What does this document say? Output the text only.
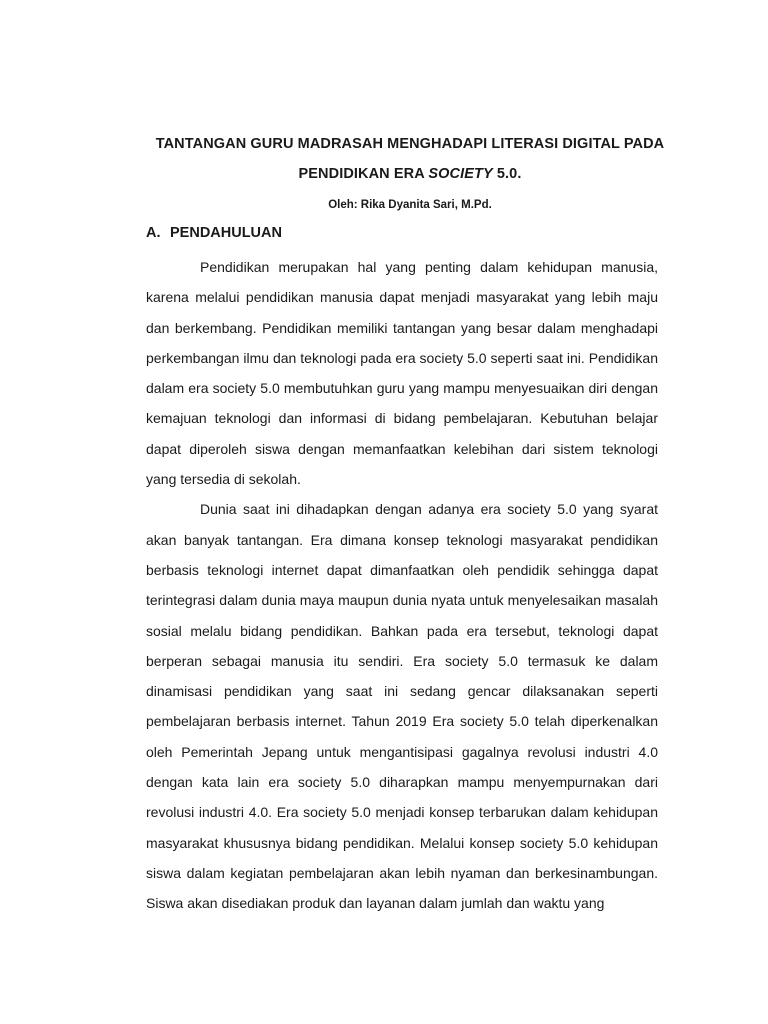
TANTANGAN GURU MADRASAH MENGHADAPI LITERASI DIGITAL PADA
PENDIDIKAN ERA SOCIETY 5.0.
Oleh: Rika Dyanita Sari, M.Pd.
A. PENDAHULUAN

Pendidikan merupakan hal yang penting dalam kehidupan manusia, karena melalui pendidikan manusia dapat menjadi masyarakat yang lebih maju dan berkembang. Pendidikan memiliki tantangan yang besar dalam menghadapi perkembangan ilmu dan teknologi pada era society 5.0 seperti saat ini. Pendidikan dalam era society 5.0 membutuhkan guru yang mampu menyesuaikan diri dengan kemajuan teknologi dan informasi di bidang pembelajaran. Kebutuhan belajar dapat diperoleh siswa dengan memanfaatkan kelebihan dari sistem teknologi yang tersedia di sekolah.

Dunia saat ini dihadapkan dengan adanya era society 5.0 yang syarat akan banyak tantangan. Era dimana konsep teknologi masyarakat pendidikan berbasis teknologi internet dapat dimanfaatkan oleh pendidik sehingga dapat terintegrasi dalam dunia maya maupun dunia nyata untuk menyelesaikan masalah sosial melalu bidang pendidikan. Bahkan pada era tersebut, teknologi dapat berperan sebagai manusia itu sendiri. Era society 5.0 termasuk ke dalam dinamisasi pendidikan yang saat ini sedang gencar dilaksanakan seperti pembelajaran berbasis internet. Tahun 2019 Era society 5.0 telah diperkenalkan oleh Pemerintah Jepang untuk mengantisipasi gagalnya revolusi industri 4.0 dengan kata lain era society 5.0 diharapkan mampu menyempurnakan dari revolusi industri 4.0. Era society 5.0 menjadi konsep terbarukan dalam kehidupan masyarakat khususnya bidang pendidikan. Melalui konsep society 5.0 kehidupan siswa dalam kegiatan pembelajaran akan lebih nyaman dan berkesinambungan. Siswa akan disediakan produk dan layanan dalam jumlah dan waktu yang
